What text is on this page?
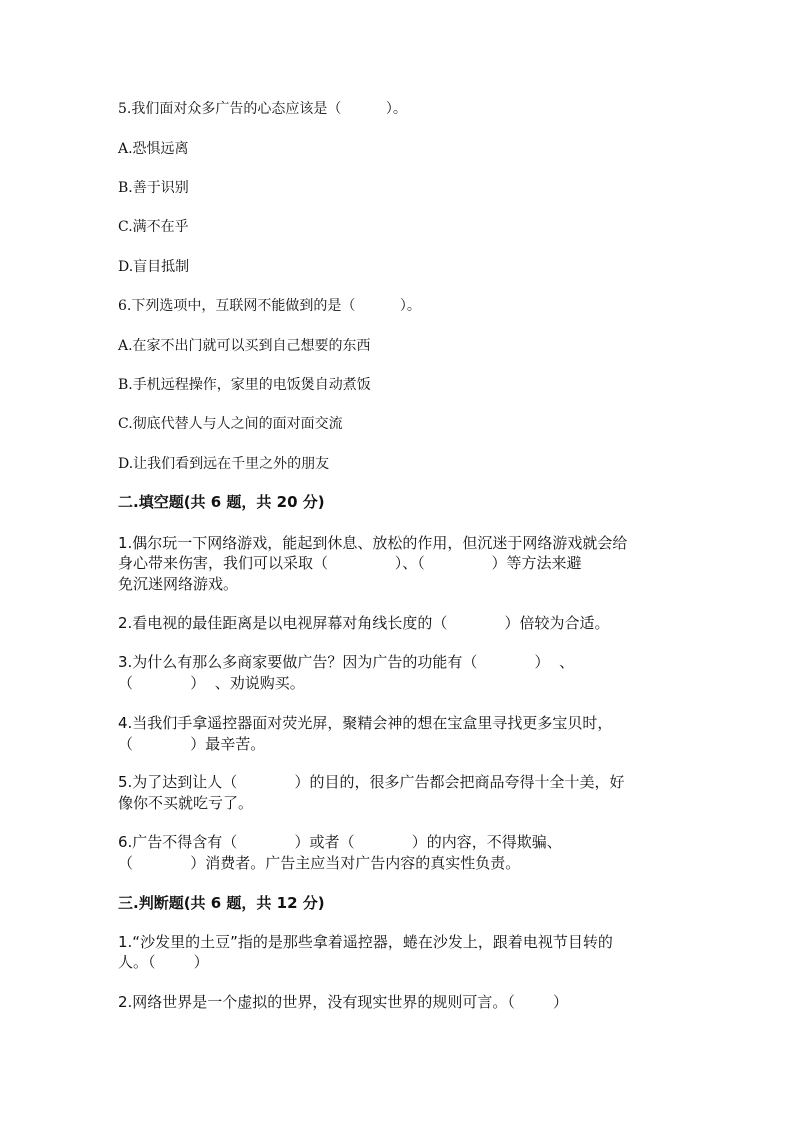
5.我们面对众多广告的心态应该是（          ）。
A.恐惧远离
B.善于识别
C.满不在乎
D.盲目抵制
6.下列选项中，互联网不能做到的是（          ）。
A.在家不出门就可以买到自己想要的东西
B.手机远程操作，家里的电饭煲自动煮饭
C.彻底代替人与人之间的面对面交流
D.让我们看到远在千里之外的朋友
二.填空题(共 6 题，共 20 分)
1.偶尔玩一下网络游戏，能起到休息、放松的作用，但沉迷于网络游戏就会给
身心带来伤害，我们可以采取（              ）、（              ）等方法来避
免沉迷网络游戏。
2.看电视的最佳距离是以电视屏幕对角线长度的（            ）倍较为合适。
3.为什么有那么多商家要做广告？因为广告的功能有（            ）  、
（            ）  、劝说购买。
4.当我们手拿遥控器面对荧光屏，聚精会神的想在宝盒里寻找更多宝贝时，
（            ）最辛苦。
5.为了达到让人（            ）的目的，很多广告都会把商品夸得十全十美，好
像你不买就吃亏了。
6.广告不得含有（            ）或者（            ）的内容，不得欺骗、
（            ）消费者。广告主应当对广告内容的真实性负责。
三.判断题(共 6 题，共 12 分)
1.“沙发里的土豆”指的是那些拿着遥控器，蜷在沙发上，跟着电视节目转的
人。（        ）
2.网络世界是一个虚拟的世界，没有现实世界的规则可言。（        ）
